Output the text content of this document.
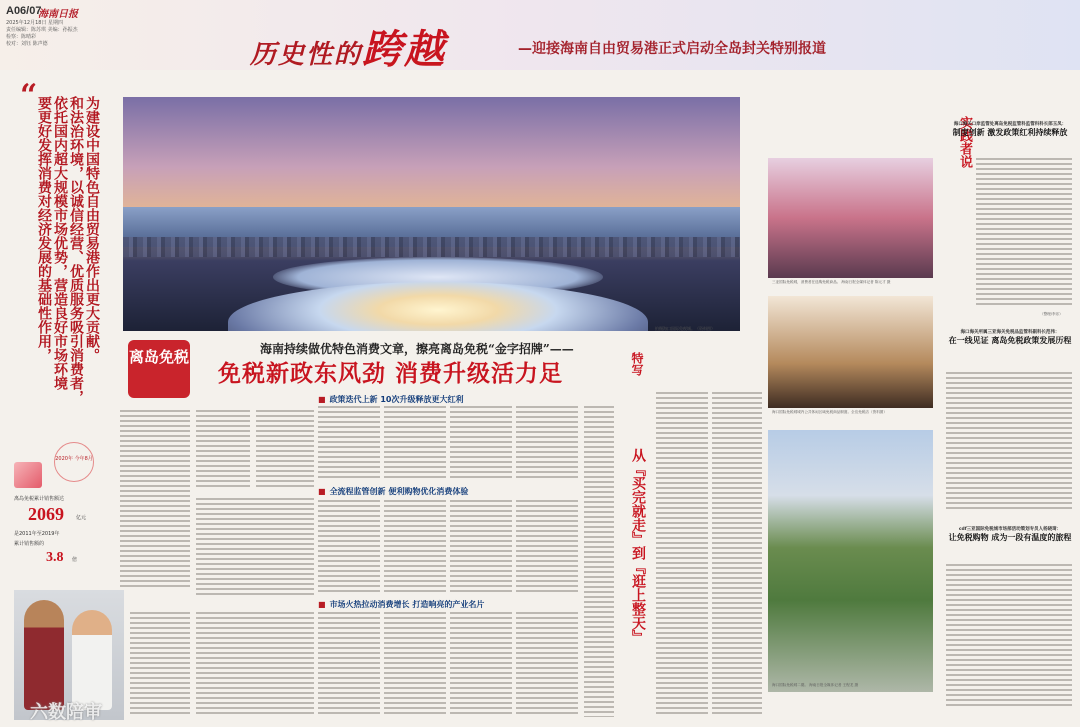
A06/07
海南日报
2025年12月18日 星期四
责任编辑：陈苏琪 美编：孙振杰
检察：陈晴彩
校对：刘钰 陈声德	历史性的跨越	—迎接海南自由贸易港正式启动全岛封关特别报道
“
为建设中国特色自由贸易港作出更大贡献。
和法治环境，以诚信经营、优质服务吸引消费者，
依托国内超大规模市场优势，营造良好市场环境
要更好发挥消费对经济发展的基础性作用，	拍摄海口国际免税城。（资料图）
离岛免税	海南持续做优特色消费文章，擦亮离岛免税“金字招牌”——
免税新政东风劲 消费升级活力足
■ 政策迭代上新 10次升级释放更大红利
■ 全流程监管创新 便利购物优化消费体验
■ 市场火热拉动消费增长 打造响亮的产业名片
2020年 今年8月
离岛免税累计销售额达
2069 亿元
是2011年至2019年
累计销售额的
3.8 倍
六数陪审
特写
从『买完就走』到『逛上整天』
三亚国际免税城，消费者在选购免税商品。 海南日报全媒体记者 陈元才 摄
海口国际免税城城内公共休闲区域免税商品橱窗。全岛免税店（资料图）
海口国际免税城二期。 海南日报全媒体记者 王程龙 摄
实践者说
海口海关口岸监管处离岛免税监管科监管科科长郎玉凤：
制度创新 激发政策红利持续释放
（整理/李乐）
海口海关所属三亚海关免税品监管科副科长范伟：
在一线见证 离岛免税政策发展历程
cdf三亚国际免税城市场部活动策划专员人杨晓琦：
让免税购物 成为一段有温度的旅程
